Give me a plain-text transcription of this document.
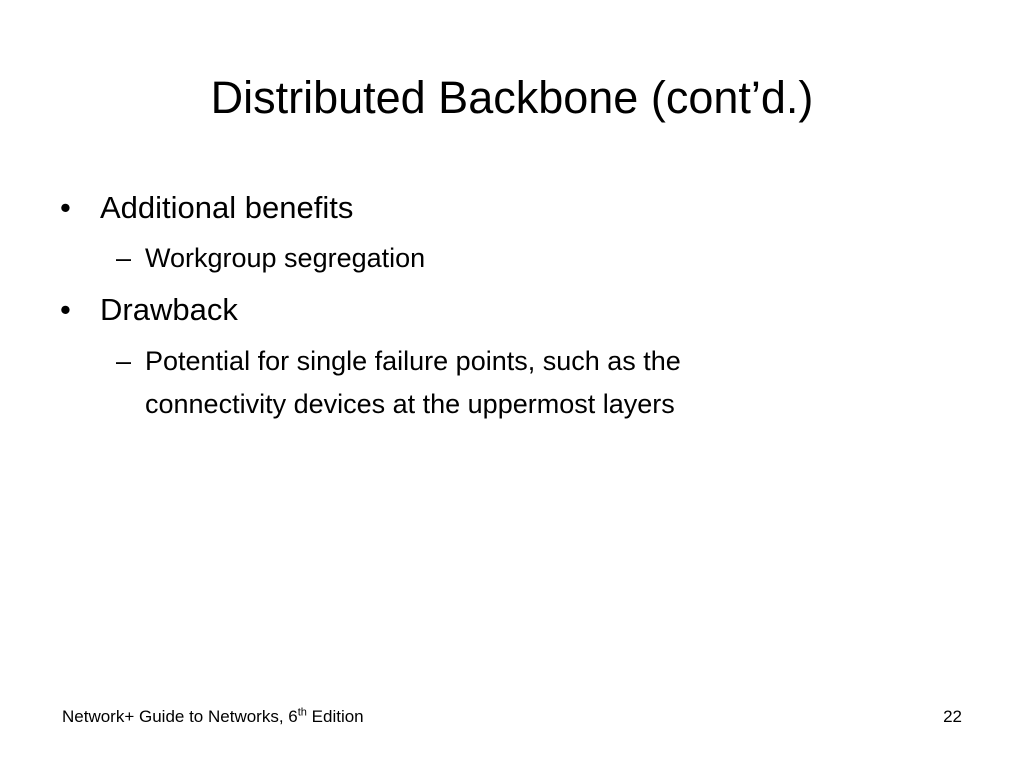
Distributed Backbone (cont’d.)
• Additional benefits
– Workgroup segregation
• Drawback
– Potential for single failure points, such as the
connectivity devices at the uppermost layers
Network+ Guide to Networks, 6th Edition	22
